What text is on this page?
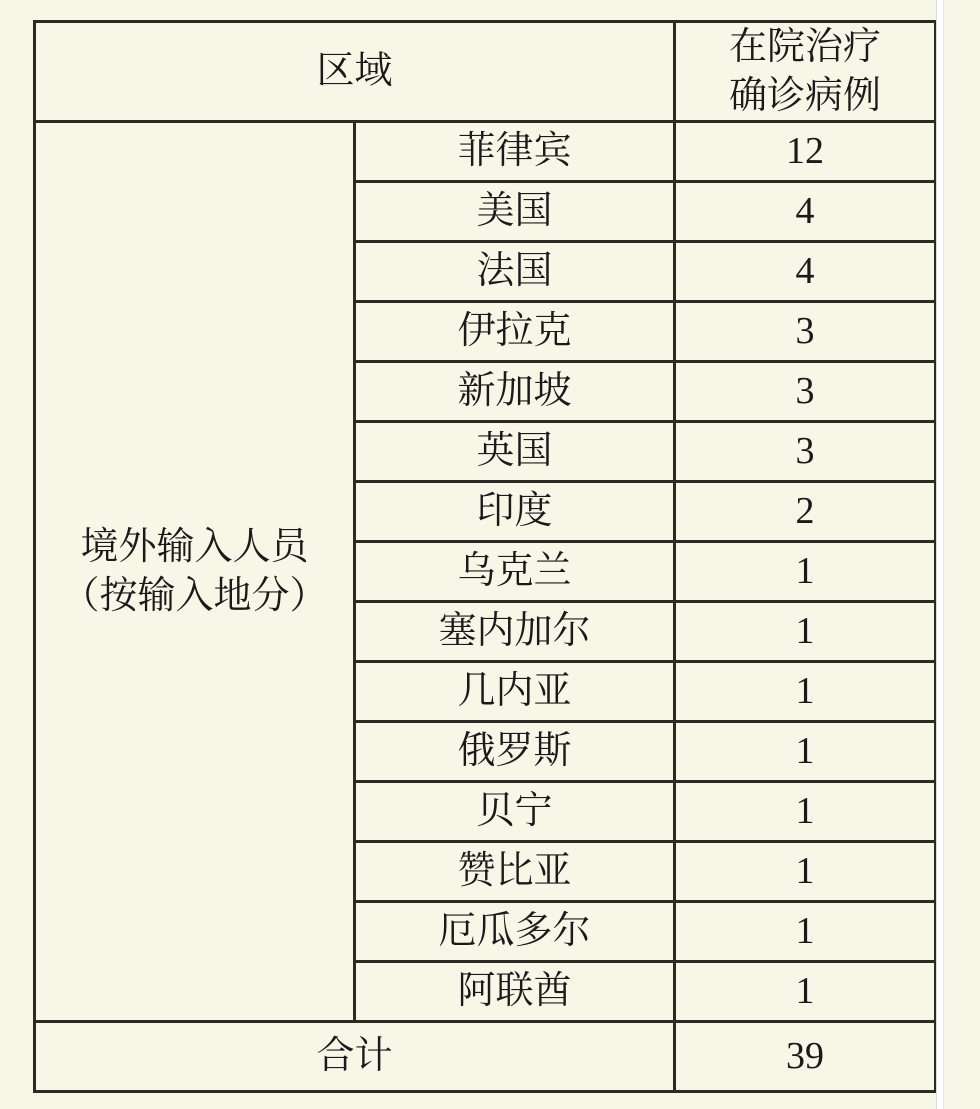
区域		在院治疗
确诊病例

境外输入人员
（按输入地分）	菲律宾	12
	美国	4
	法国	4
	伊拉克	3
	新加坡	3
	英国	3
	印度	2
	乌克兰	1
	塞内加尔	1
	几内亚	1
	俄罗斯	1
	贝宁	1
	赞比亚	1
	厄瓜多尔	1
	阿联酋	1
合计		39
